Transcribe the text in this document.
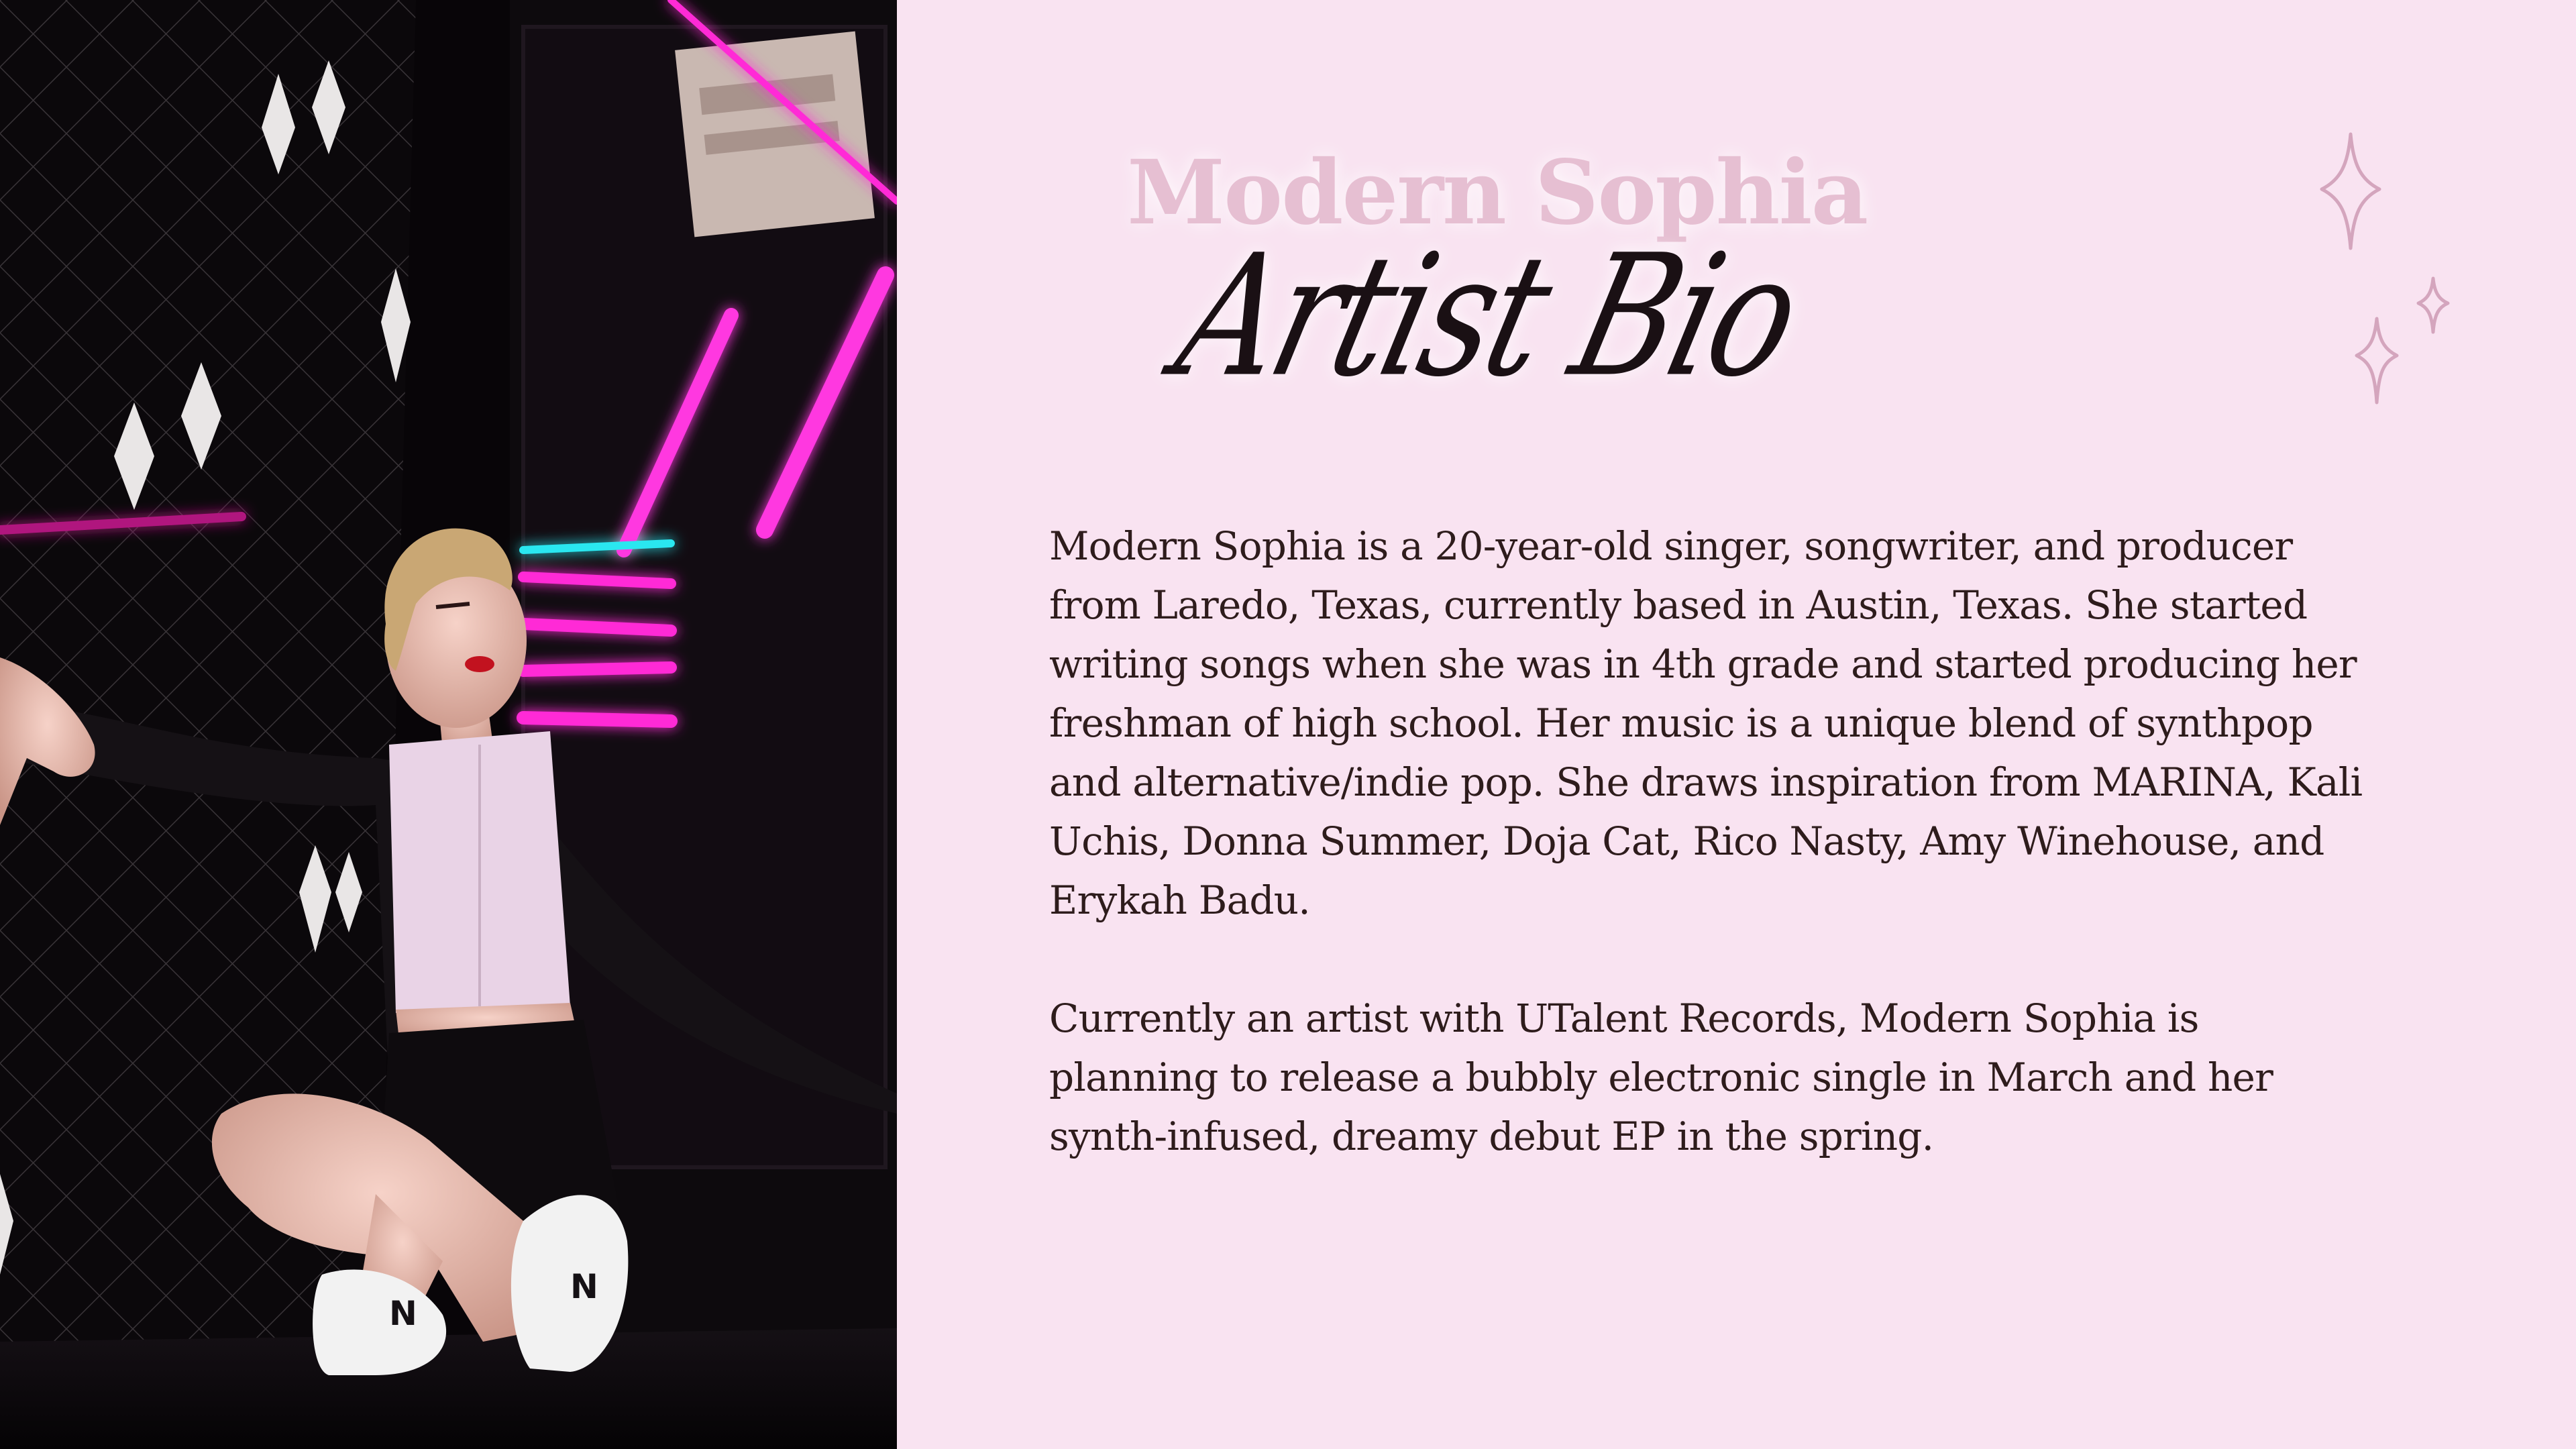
N
N
Modern Sophia
Artist Bio

Modern Sophia is a 20-year-old singer, songwriter, and producer from Laredo, Texas, currently based in Austin, Texas. She started writing songs when she was in 4th grade and started producing her freshman of high school. Her music is a unique blend of synthpop and alternative/indie pop. She draws inspiration from MARINA, Kali Uchis, Donna Summer, Doja Cat, Rico Nasty, Amy Winehouse, and Erykah Badu.

Currently an artist with UTalent Records, Modern Sophia is planning to release a bubbly electronic single in March and her synth-infused, dreamy debut EP in the spring.
